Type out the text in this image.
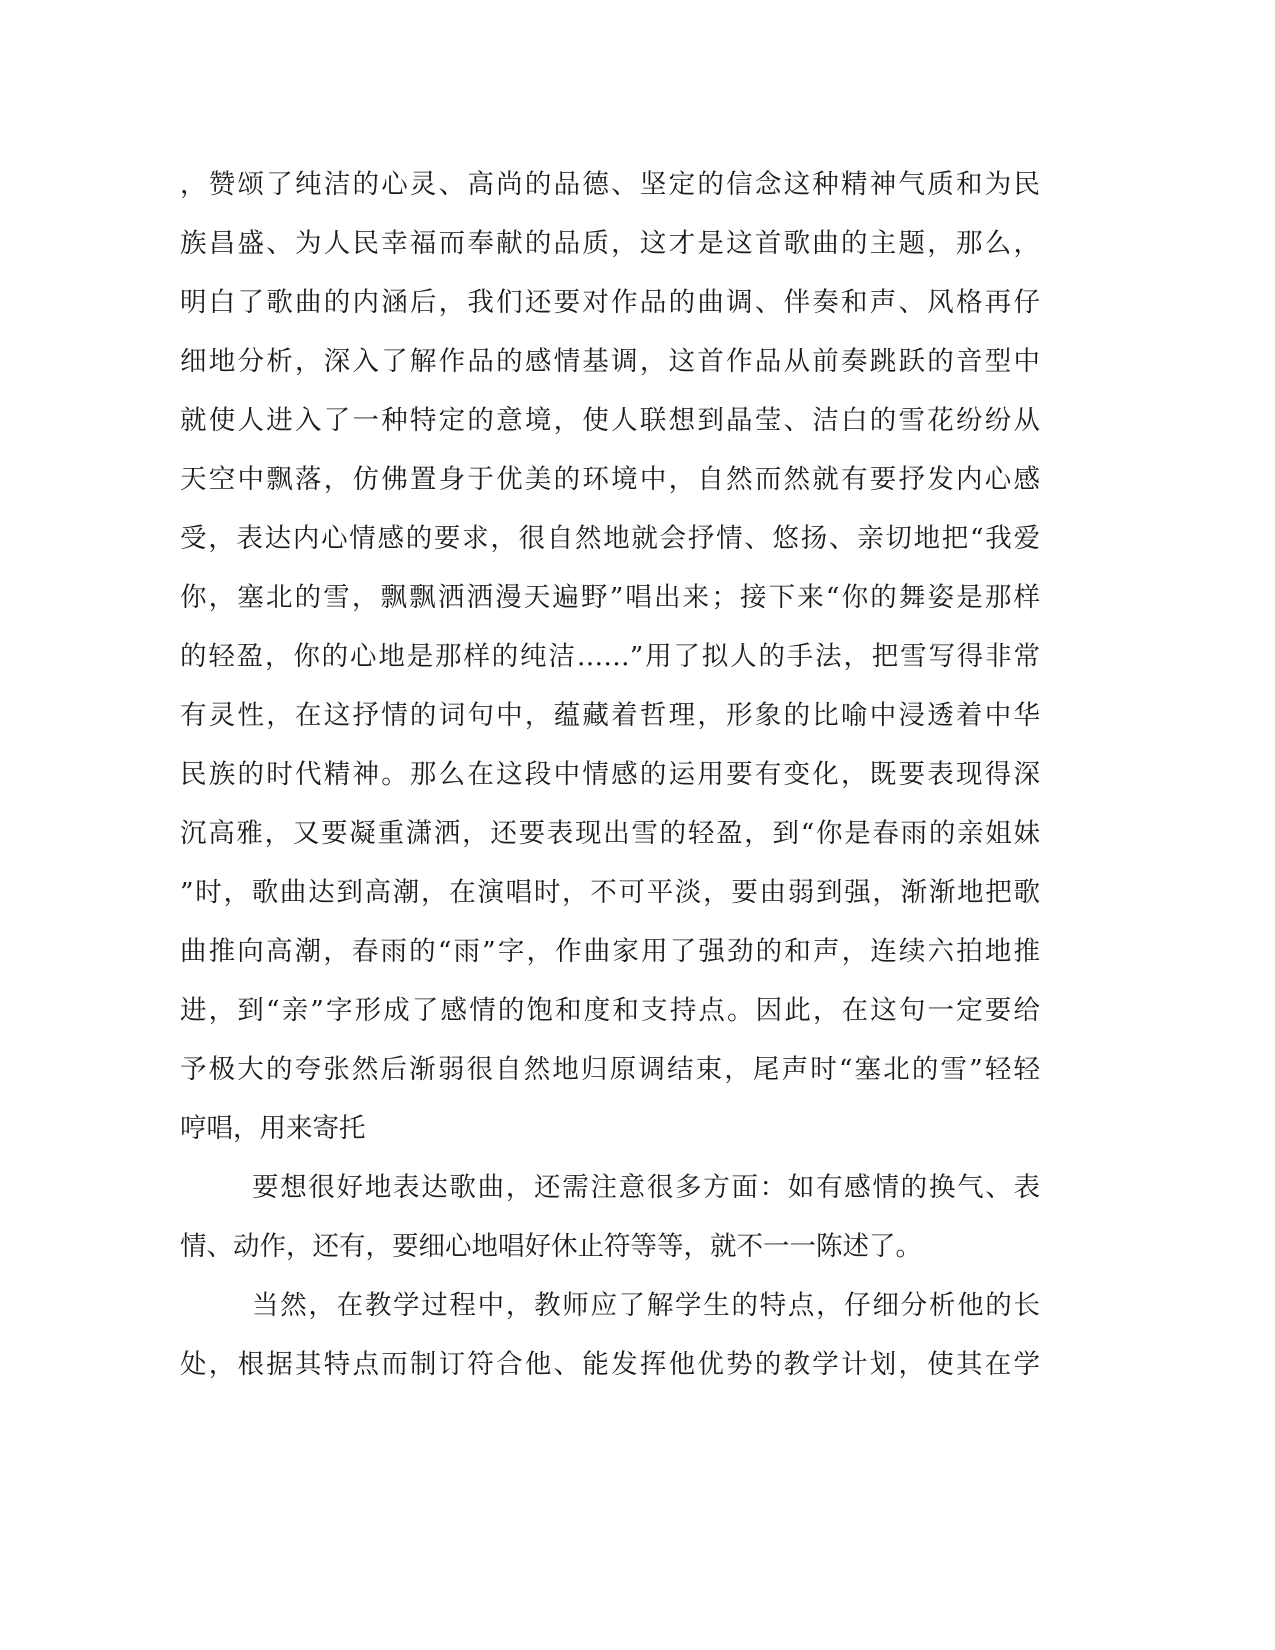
，赞颂了纯洁的心灵、高尚的品德、坚定的信念这种精神气质和为民
族昌盛、为人民幸福而奉献的品质，这才是这首歌曲的主题，那么，
明白了歌曲的内涵后，我们还要对作品的曲调、伴奏和声、风格再仔
细地分析，深入了解作品的感情基调，这首作品从前奏跳跃的音型中
就使人进入了一种特定的意境，使人联想到晶莹、洁白的雪花纷纷从
天空中飘落，仿佛置身于优美的环境中，自然而然就有要抒发内心感
受，表达内心情感的要求，很自然地就会抒情、悠扬、亲切地把“我爱
你，塞北的雪，飘飘洒洒漫天遍野”唱出来；接下来“你的舞姿是那样
的轻盈，你的心地是那样的纯洁……”用了拟人的手法，把雪写得非常
有灵性，在这抒情的词句中，蕴藏着哲理，形象的比喻中浸透着中华
民族的时代精神。那么在这段中情感的运用要有变化，既要表现得深
沉高雅，又要凝重潇洒，还要表现出雪的轻盈，到“你是春雨的亲姐妹
”时，歌曲达到高潮，在演唱时，不可平淡，要由弱到强，渐渐地把歌
曲推向高潮，春雨的“雨”字，作曲家用了强劲的和声，连续六拍地推
进，到“亲”字形成了感情的饱和度和支持点。因此，在这句一定要给
予极大的夸张然后渐弱很自然地归原调结束，尾声时“塞北的雪”轻轻
哼唱，用来寄托
要想很好地表达歌曲，还需注意很多方面：如有感情的换气、表
情、动作，还有，要细心地唱好休止符等等，就不一一陈述了。
当然，在教学过程中，教师应了解学生的特点，仔细分析他的长
处，根据其特点而制订符合他、能发挥他优势的教学计划，使其在学
